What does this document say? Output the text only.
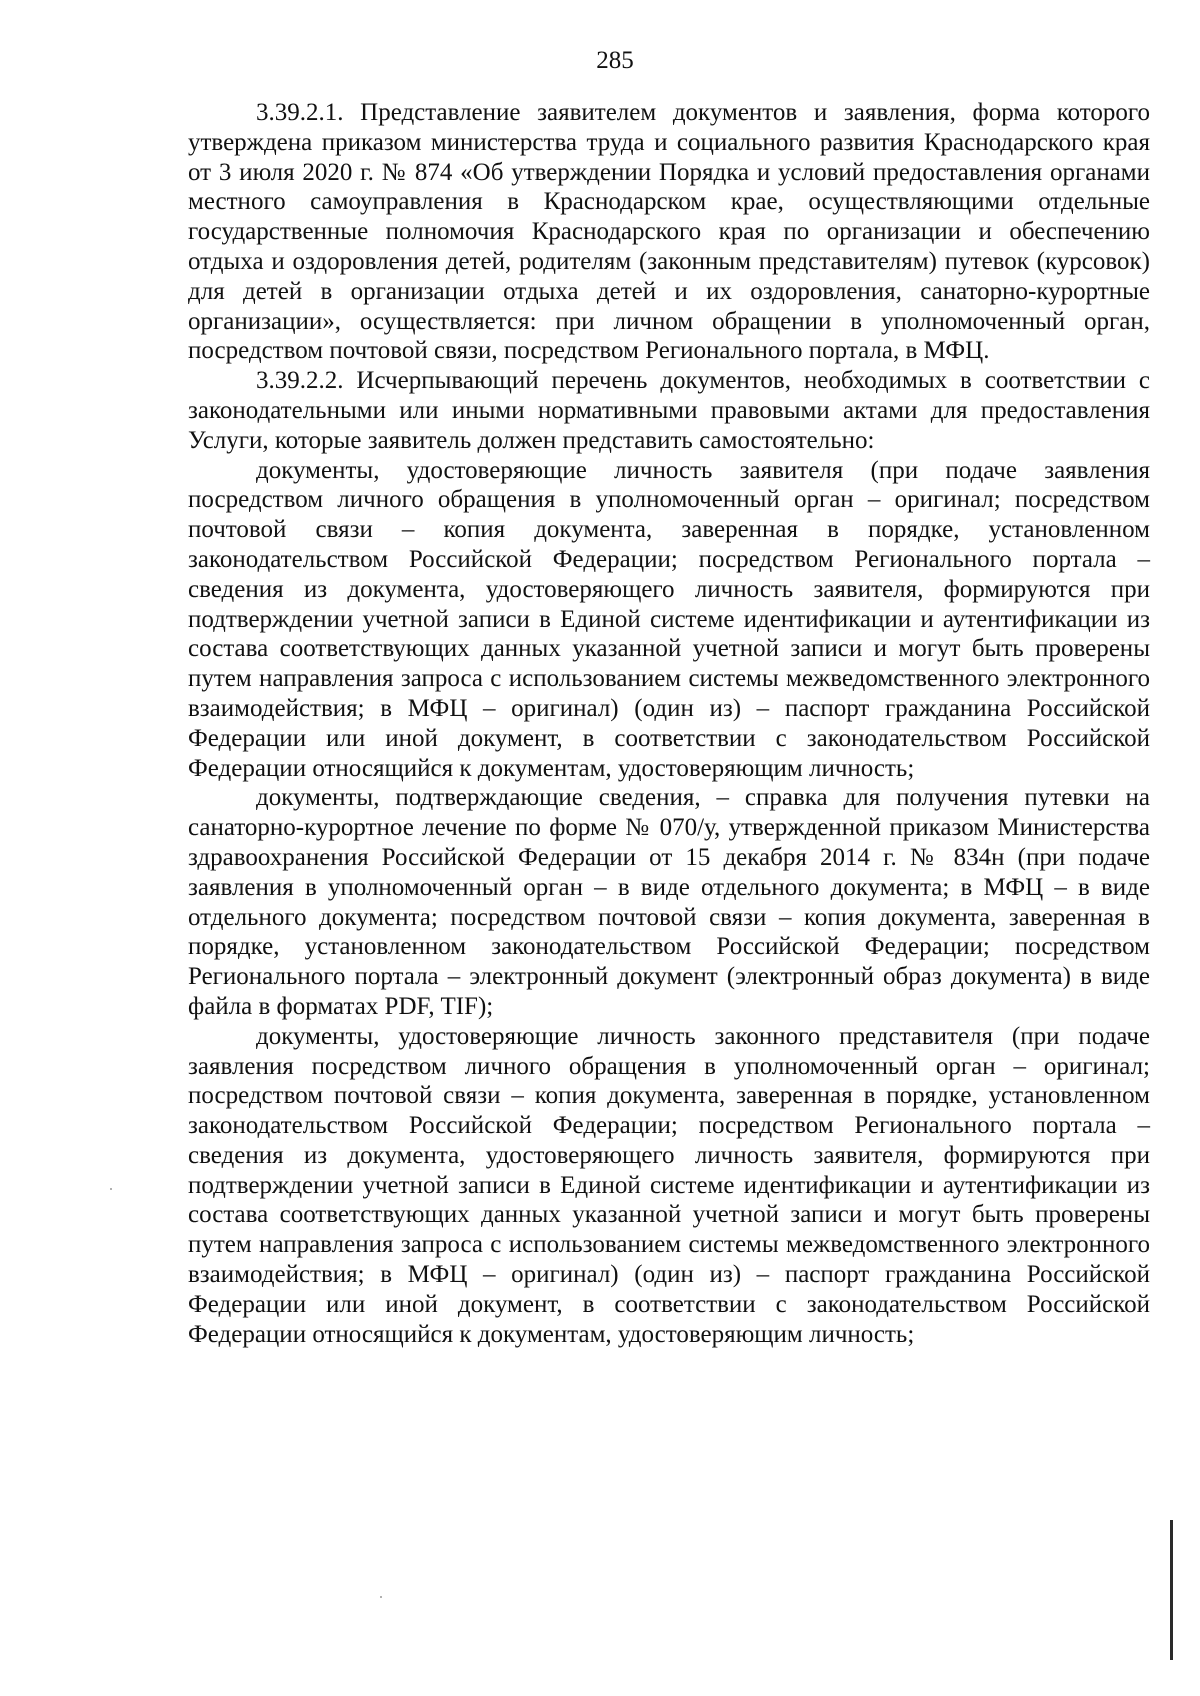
285

3.39.2.1. Представление заявителем документов и заявления, форма которого утверждена приказом министерства труда и социального развития Краснодарского края от 3 июля 2020 г. № 874 «Об утверждении Порядка и условий предоставления органами местного самоуправления в Краснодарском крае, осуществляющими отдельные государственные полномочия Краснодарского края по организации и обеспечению отдыха и оздоровления детей, родителям (законным представителям) путевок (курсовок) для детей в организации отдыха детей и их оздоровления, санаторно-курортные организации», осуществляется: при личном обращении в уполномоченный орган, посредством почтовой связи, посредством Регионального портала, в МФЦ.

3.39.2.2. Исчерпывающий перечень документов, необходимых в соответствии с законодательными или иными нормативными правовыми актами для предоставления Услуги, которые заявитель должен представить самостоятельно:

документы, удостоверяющие личность заявителя (при подаче заявления посредством личного обращения в уполномоченный орган – оригинал; посредством почтовой связи – копия документа, заверенная в порядке, установленном законодательством Российской Федерации; посредством Регионального портала – сведения из документа, удостоверяющего личность заявителя, формируются при подтверждении учетной записи в Единой системе идентификации и аутентификации из состава соответствующих данных указанной учетной записи и могут быть проверены путем направления запроса с использованием системы межведомственного электронного взаимодействия; в МФЦ – оригинал) (один из) – паспорт гражданина Российской Федерации или иной документ, в соответствии с законодательством Российской Федерации относящийся к документам, удостоверяющим личность;

документы, подтверждающие сведения, – справка для получения путевки на санаторно-курортное лечение по форме № 070/у, утвержденной приказом Министерства здравоохранения Российской Федерации от 15 декабря 2014 г. № 834н (при подаче заявления в уполномоченный орган – в виде отдельного документа; в МФЦ – в виде отдельного документа; посредством почтовой связи – копия документа, заверенная в порядке, установленном законодательством Российской Федерации; посредством Регионального портала – электронный документ (электронный образ документа) в виде файла в форматах PDF, TIF);

документы, удостоверяющие личность законного представителя (при подаче заявления посредством личного обращения в уполномоченный орган – оригинал; посредством почтовой связи – копия документа, заверенная в порядке, установленном законодательством Российской Федерации; посредством Регионального портала – сведения из документа, удостоверяющего личность заявителя, формируются при подтверждении учетной записи в Единой системе идентификации и аутентификации из состава соответствующих данных указанной учетной записи и могут быть проверены путем направления запроса с использованием системы межведомственного электронного взаимодействия; в МФЦ – оригинал) (один из) – паспорт гражданина Российской Федерации или иной документ, в соответствии с законодательством Российской Федерации относящийся к документам, удостоверяющим личность;
